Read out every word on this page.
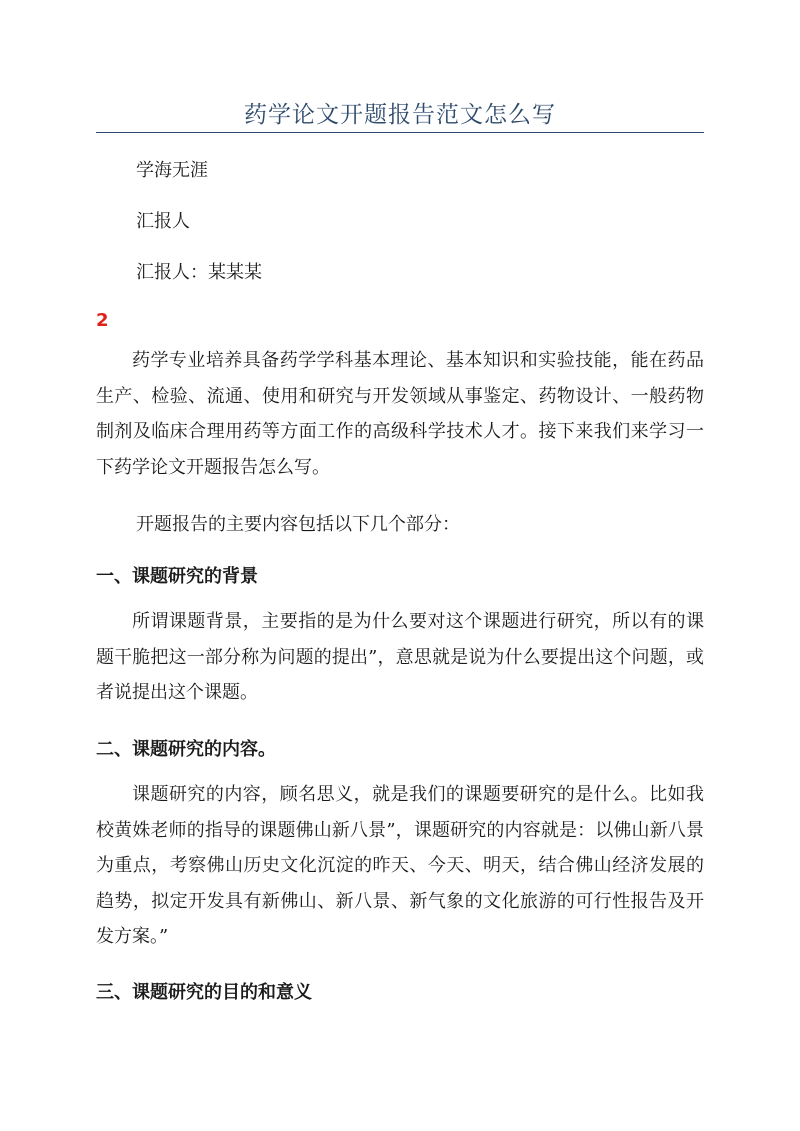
药学论文开题报告范文怎么写
学海无涯
汇报人
汇报人：某某某
2
药学专业培养具备药学学科基本理论、基本知识和实验技能，能在药品生产、检验、流通、使用和研究与开发领域从事鉴定、药物设计、一般药物制剂及临床合理用药等方面工作的高级科学技术人才。接下来我们来学习一下药学论文开题报告怎么写。
开题报告的主要内容包括以下几个部分：
一、课题研究的背景
所谓课题背景，主要指的是为什么要对这个课题进行研究，所以有的课题干脆把这一部分称为问题的提出”，意思就是说为什么要提出这个问题，或者说提出这个课题。
二、课题研究的内容。
课题研究的内容，顾名思义，就是我们的课题要研究的是什么。比如我校黄姝老师的指导的课题佛山新八景”，课题研究的内容就是：以佛山新八景为重点，考察佛山历史文化沉淀的昨天、今天、明天，结合佛山经济发展的趋势，拟定开发具有新佛山、新八景、新气象的文化旅游的可行性报告及开发方案。”
三、课题研究的目的和意义
